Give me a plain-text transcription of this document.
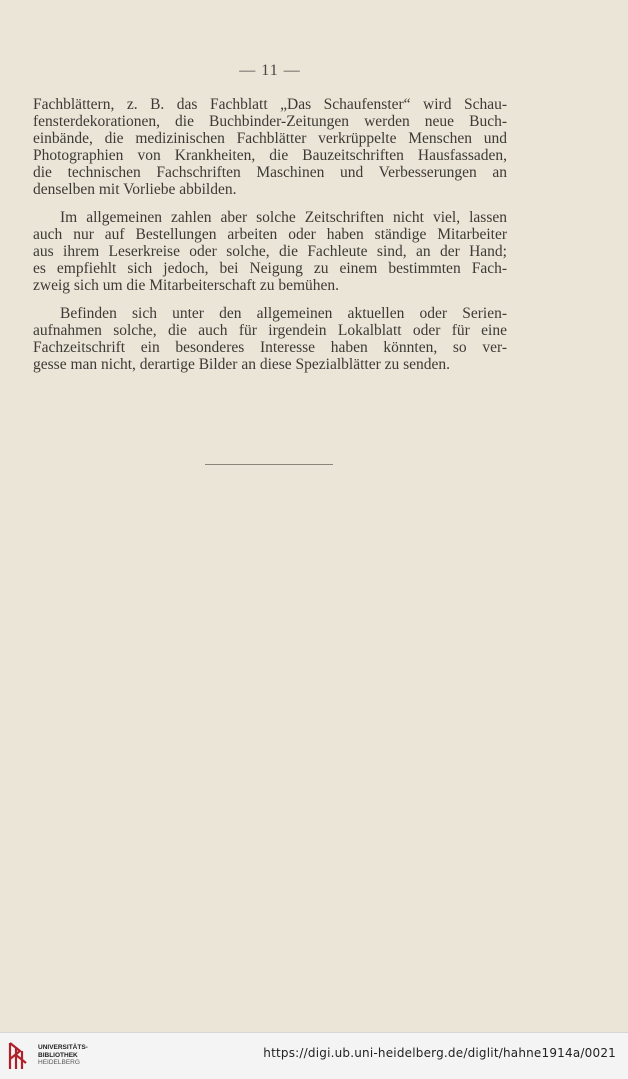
— 11 —

Fachblättern, z. B. das Fachblatt „Das Schaufenster“ wird Schau-
fensterdekorationen, die Buchbinder-Zeitungen werden neue Buch-
einbände, die medizinischen Fachblätter verkrüppelte Menschen und
Photographien von Krankheiten, die Bauzeitschriften Hausfassaden,
die technischen Fachschriften Maschinen und Verbesserungen an
denselben mit Vorliebe abbilden.

Im allgemeinen zahlen aber solche Zeitschriften nicht viel, lassen
auch nur auf Bestellungen arbeiten oder haben ständige Mitarbeiter
aus ihrem Leserkreise oder solche, die Fachleute sind, an der Hand;
es empfiehlt sich jedoch, bei Neigung zu einem bestimmten Fach-
zweig sich um die Mitarbeiterschaft zu bemühen.

Befinden sich unter den allgemeinen aktuellen oder Serien-
aufnahmen solche, die auch für irgendein Lokalblatt oder für eine
Fachzeitschrift ein besonderes Interesse haben könnten, so ver-
gesse man nicht, derartige Bilder an diese Spezialblätter zu senden.

UNIVERSITÄTS-
BIBLIOTHEK
HEIDELBERG
https://digi.ub.uni-heidelberg.de/diglit/hahne1914a/0021
